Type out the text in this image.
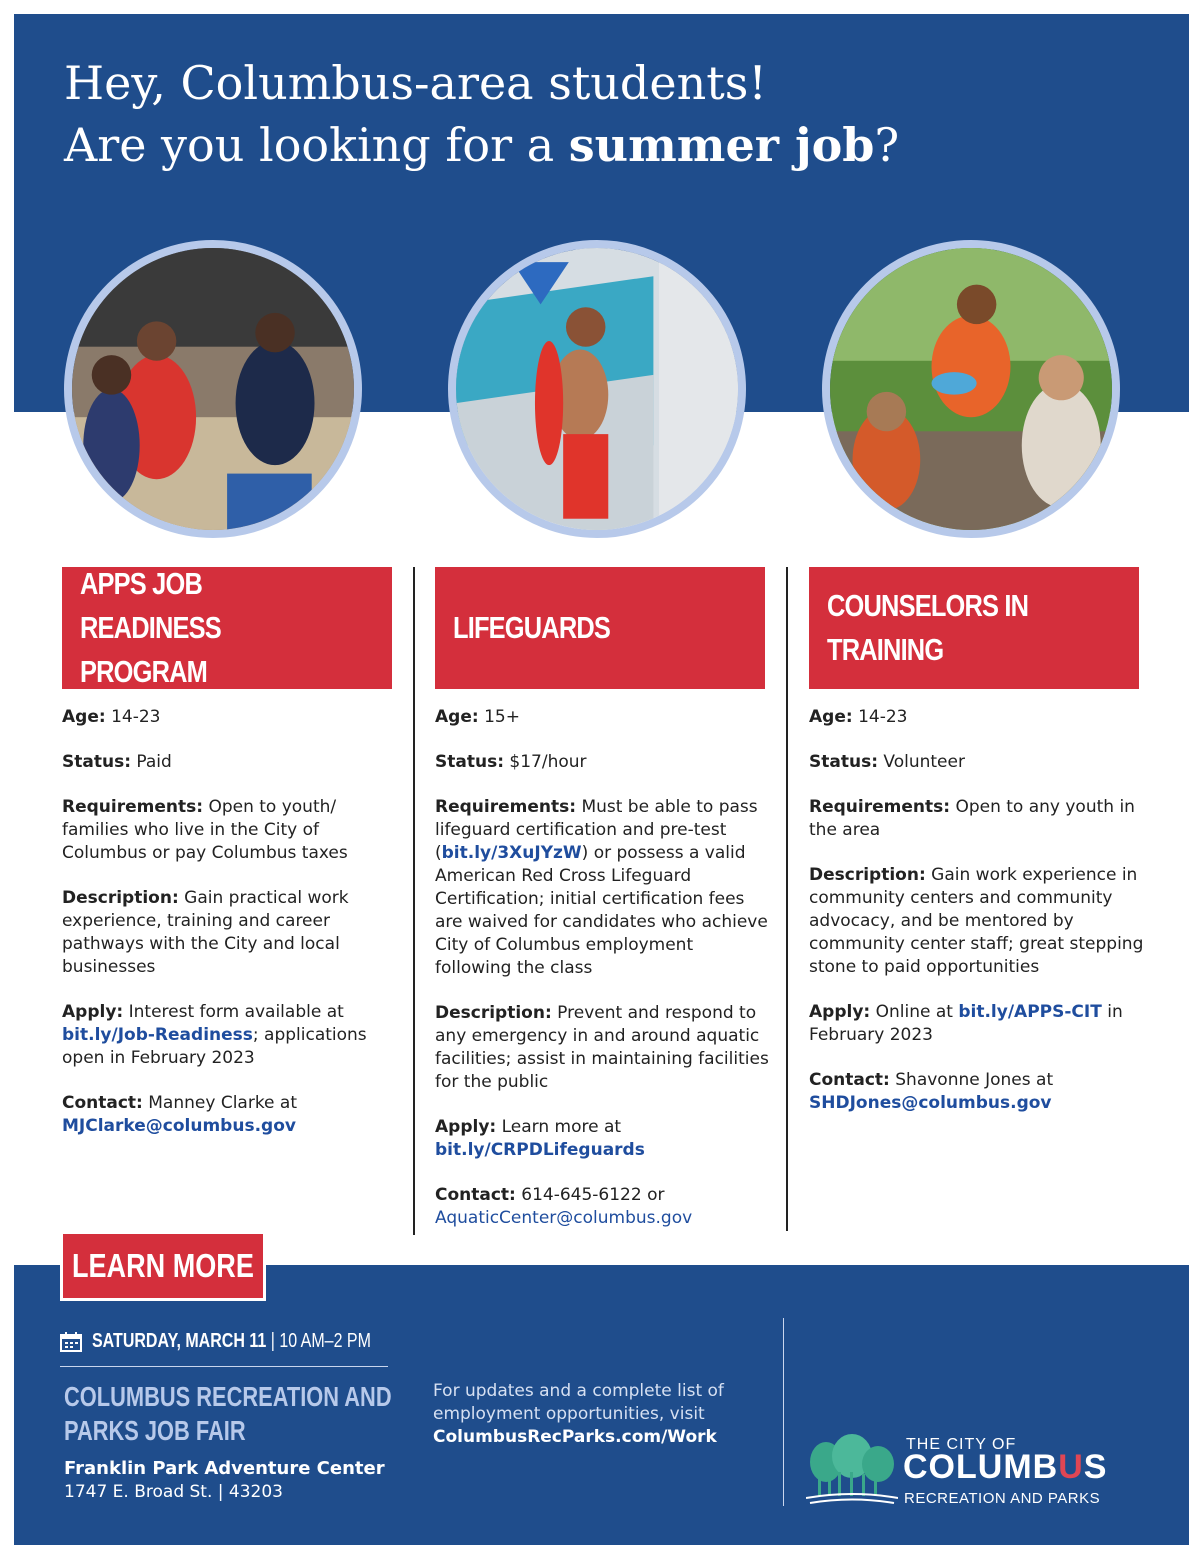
Hey, Columbus-area students!
Are you looking for a summer job?
APPS JOB READINESS PROGRAM

Age: 14-23

Status: Paid

Requirements: Open to youth/ families who live in the City of Columbus or pay Columbus taxes

Description: Gain practical work experience, training and career pathways with the City and local businesses

Apply: Interest form available at bit.ly/Job-Readiness; applications open in February 2023

Contact: Manney Clarke at MJClarke@columbus.gov

LIFEGUARDS

Age: 15+

Status: $17/hour

Requirements: Must be able to pass lifeguard certification and pre-test (bit.ly/3XuJYzW) or possess a valid American Red Cross Lifeguard Certification; initial certification fees are waived for candidates who achieve City of Columbus employment following the class

Description: Prevent and respond to any emergency in and around aquatic facilities; assist in maintaining facilities for the public

Apply: Learn more at bit.ly/CRPDLifeguards

Contact: 614-645-6122 or AquaticCenter@columbus.gov

COUNSELORS IN TRAINING

Age: 14-23

Status: Volunteer

Requirements: Open to any youth in the area

Description: Gain work experience in community centers and community advocacy, and be mentored by community center staff; great stepping stone to paid opportunities

Apply: Online at bit.ly/APPS-CIT in February 2023

Contact: Shavonne Jones at SHDJones@columbus.gov

LEARN MORE
SATURDAY, MARCH 11 | 10 AM–2 PM
COLUMBUS RECREATION AND PARKS JOB FAIR
Franklin Park Adventure Center
1747 E. Broad St. | 43203
For updates and a complete list of employment opportunities, visit ColumbusRecParks.com/Work	THE CITY OF
COLUMBUS
RECREATION AND PARKS
